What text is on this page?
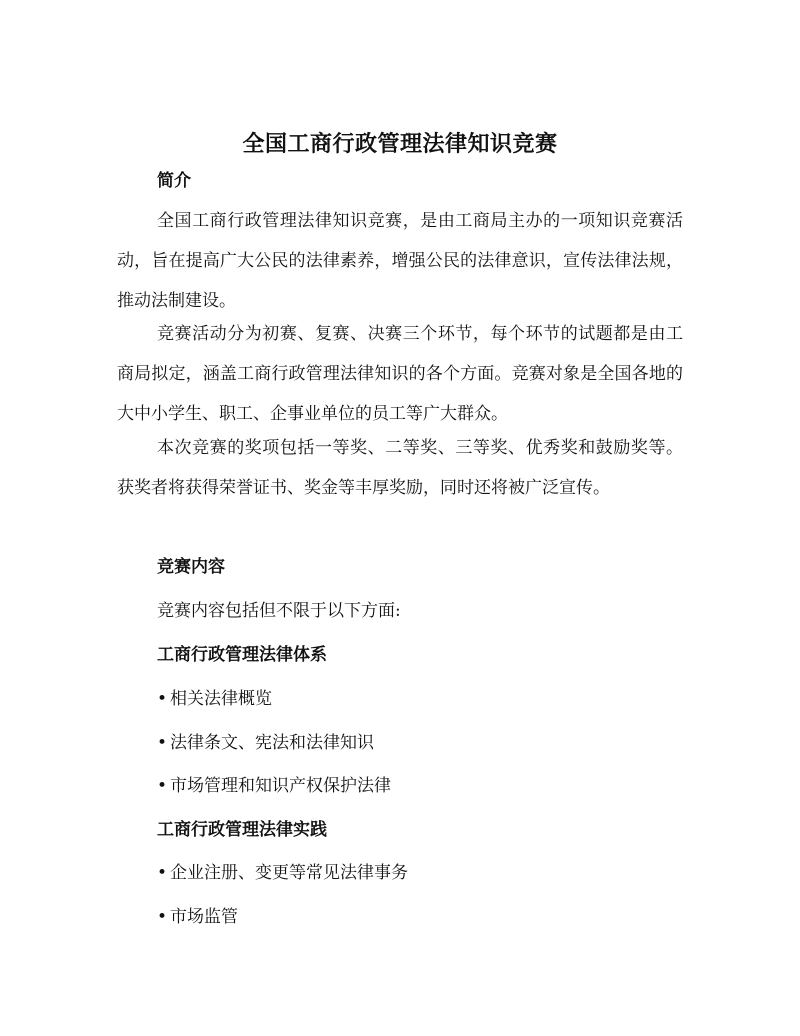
全国工商行政管理法律知识竞赛
简介

全国工商行政管理法律知识竞赛，是由工商局主办的一项知识竞赛活动，旨在提高广大公民的法律素养，增强公民的法律意识，宣传法律法规，推动法制建设。

竞赛活动分为初赛、复赛、决赛三个环节，每个环节的试题都是由工商局拟定，涵盖工商行政管理法律知识的各个方面。竞赛对象是全国各地的大中小学生、职工、企事业单位的员工等广大群众。

本次竞赛的奖项包括一等奖、二等奖、三等奖、优秀奖和鼓励奖等。获奖者将获得荣誉证书、奖金等丰厚奖励，同时还将被广泛宣传。

竞赛内容
竞赛内容包括但不限于以下方面:
工商行政管理法律体系
• 相关法律概览
• 法律条文、宪法和法律知识
• 市场管理和知识产权保护法律
工商行政管理法律实践
• 企业注册、变更等常见法律事务
• 市场监管
